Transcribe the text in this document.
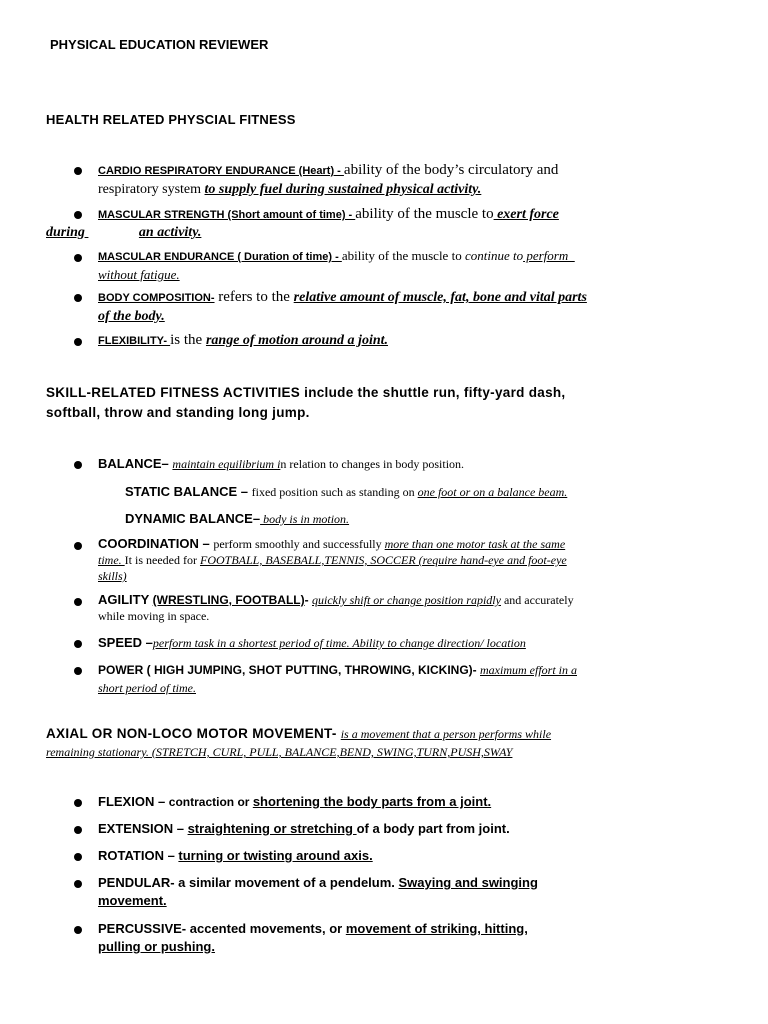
PHYSICAL EDUCATION REVIEWER
HEALTH RELATED PHYSCIAL FITNESS
CARDIO RESPIRATORY ENDURANCE (Heart) - ability of the body’s circulatory and
respiratory system to supply fuel during sustained physical activity.
MASCULAR STRENGTH (Short amount of time) - ability of the muscle to exert force
during	an activity.
MASCULAR ENDURANCE ( Duration of time) - ability of the muscle to continue to perform
without fatigue.
BODY COMPOSITION- refers to the relative amount of muscle, fat, bone and vital parts
of the body.
FLEXIBILITY- is the range of motion around a joint.
SKILL-RELATED FITNESS ACTIVITIES include the shuttle run, fifty-yard dash,
softball, throw and standing long jump.
BALANCE– maintain equilibrium in relation to changes in body position.
STATIC BALANCE – fixed position such as standing on one foot or on a balance beam.
DYNAMIC BALANCE– body is in motion.
COORDINATION – perform smoothly and successfully more than one motor task at the same
time. It is needed for FOOTBALL, BASEBALL,TENNIS, SOCCER (require hand-eye and foot-eye
skills)
AGILITY (WRESTLING, FOOTBALL)- quickly shift or change position rapidly and accurately
while moving in space.
SPEED –perform task in a shortest period of time. Ability to change direction/ location
POWER ( HIGH JUMPING, SHOT PUTTING, THROWING, KICKING)- maximum effort in a
short period of time.
AXIAL OR NON-LOCO MOTOR MOVEMENT- is a movement that a person performs while
remaining stationary. (STRETCH, CURL, PULL, BALANCE,BEND, SWING,TURN,PUSH,SWAY
FLEXION – contraction or shortening the body parts from a joint.
EXTENSION – straightening or stretching of a body part from joint.
ROTATION – turning or twisting around axis.
PENDULAR- a similar movement of a pendelum. Swaying and swinging
movement.
PERCUSSIVE- accented movements, or movement of striking, hitting,
pulling or pushing.
